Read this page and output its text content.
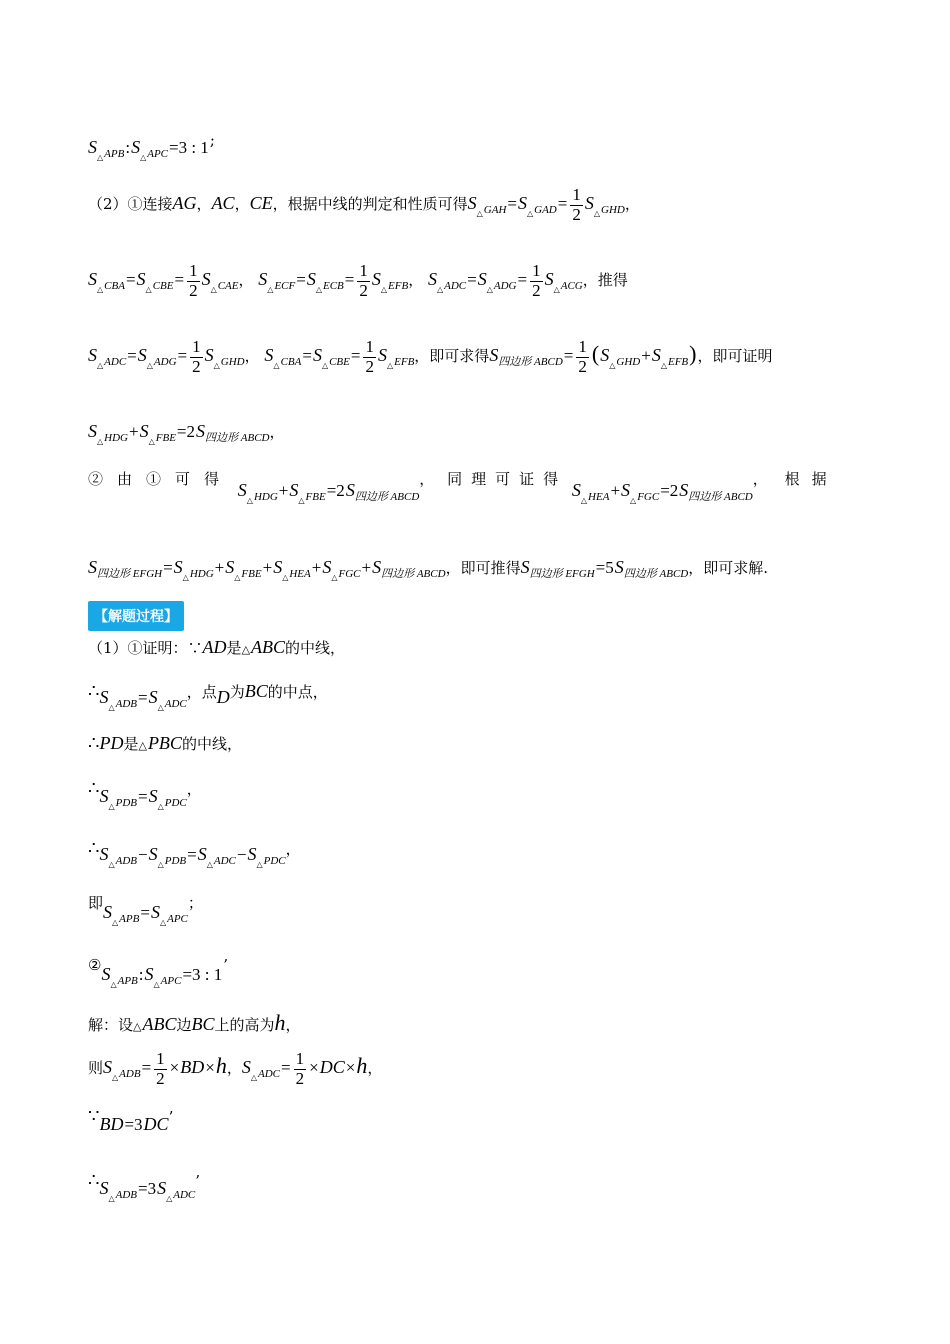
$S_{_\triangle APB}:S_{_\triangle APC}=3$ : 1;
（2）①连接AG，AC，CE，根据中线的判定和性质可得$S_{_\triangle GAH}=S_{_\triangle GAD}= \frac{1}{2} S_{_\triangle GHD}$，
$S_{_\triangle CBA}=S_{_\triangle CBE}= \frac{1}{2} S_{_\triangle CAE}$， $S_{_\triangle ECF}=S_{_\triangle ECB}= \frac{1}{2} S_{_\triangle EFB}$， $S_{_\triangle ADC}=S_{_\triangle ADG}= \frac{1}{2} S_{_\triangle ACG}$，推得
$S_{_\triangle ADC}=S_{_\triangle ADG}= \frac{1}{2} S_{_\triangle GHD}$， $S_{_\triangle CBA}=S_{_\triangle CBE}= \frac{1}{2} S_{_\triangle EFB}$，即可求得$S_{四边形 ABCD}= \frac{1}{2} (S_{_\triangle GHD}+S_{_\triangle EFB})$，即可证明
$S_{_\triangle HDG}+S_{_\triangle FBE}=2S_{四边形 ABCD}$，
②由①可得 $S_{_\triangle HDG}+S_{_\triangle FBE}=2S_{四边形 ABCD}$， 同理可证得 $S_{_\triangle HEA}+S_{_\triangle FGC}=2S_{四边形 ABCD}$， 根据
$S_{四边形 EFGH}=S_{_\triangle HDG}+S_{_\triangle FBE}+S_{_\triangle HEA}+S_{_\triangle FGC}+S_{四边形 ABCD}$，即可推得$S_{四边形 EFGH}=5S_{四边形 ABCD}$，即可求解.
【解题过程】
（1）①证明：∵AD是△ABC的中线，
$\therefore S_{_\triangle ADB}=S_{_\triangle ADC}$，点D为BC的中点，
∴PD是△PBC的中线，
$\therefore S_{_\triangle PDB}=S_{_\triangle PDC}$，
$\therefore S_{_\triangle ADB}-S_{_\triangle PDB}=S_{_\triangle ADC}-S_{_\triangle PDC}$，
即$S_{_\triangle APB}=S_{_\triangle APC}$；
$②S_{_\triangle APB}:S_{_\triangle APC}=3$ : 1’
解：设△ABC边BC上的高为h，
则$S_{_\triangle ADB}= \frac{1}{2} \times BD\times h$，$S_{_\triangle ADC}= \frac{1}{2} \times DC\times h$，
∵BD=3DC’
$\therefore S_{_\triangle ADB}=3S_{_\triangle ADC}$’
